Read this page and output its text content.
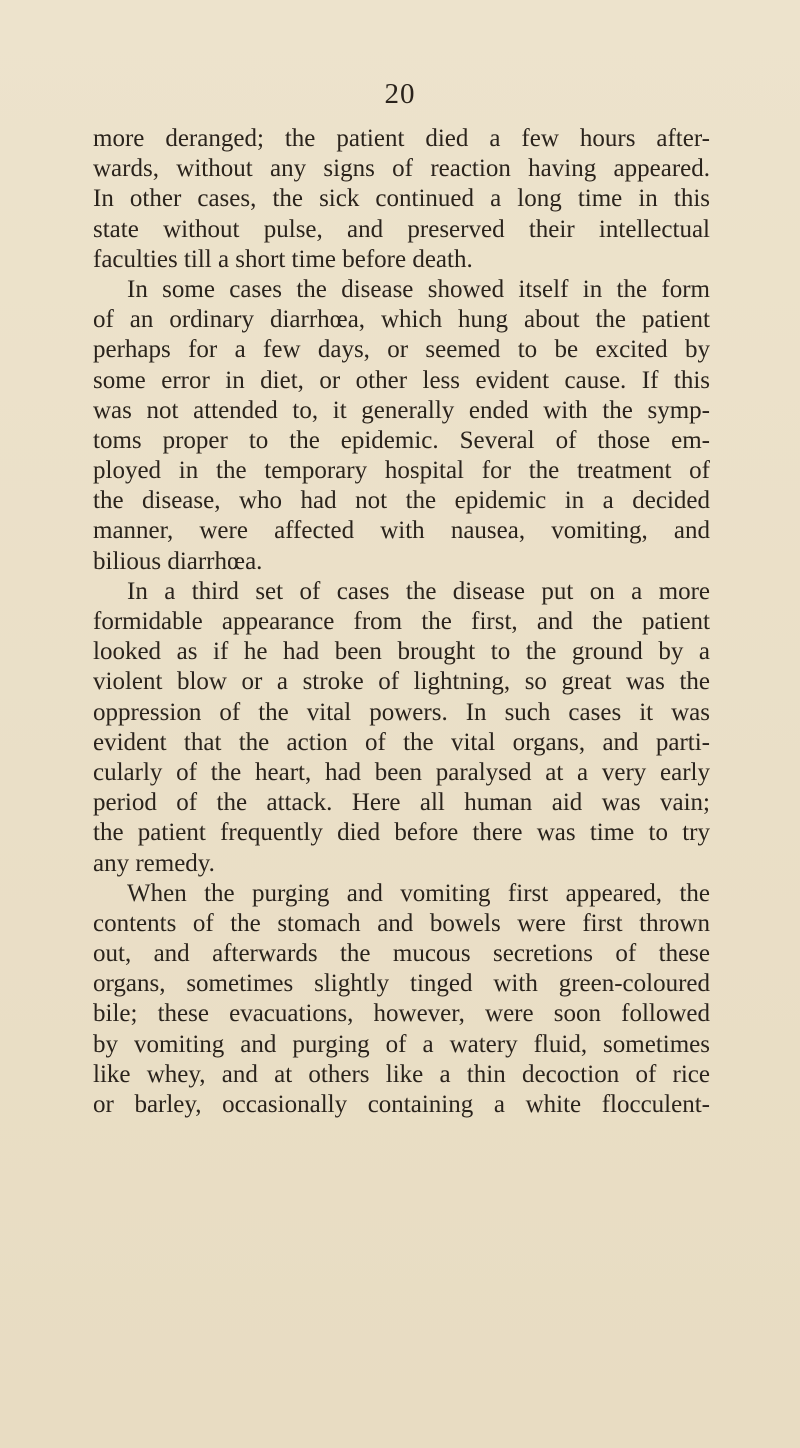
20
more deranged; the patient died a few hours after-
wards, without any signs of reaction having appeared.
In other cases, the sick continued a long time in this
state without pulse, and preserved their intellectual
faculties till a short time before death.
In some cases the disease showed itself in the form
of an ordinary diarrhœa, which hung about the patient
perhaps for a few days, or seemed to be excited by
some error in diet, or other less evident cause. If this
was not attended to, it generally ended with the symp-
toms proper to the epidemic. Several of those em-
ployed in the temporary hospital for the treatment of
the disease, who had not the epidemic in a decided
manner, were affected with nausea, vomiting, and
bilious diarrhœa.
In a third set of cases the disease put on a more
formidable appearance from the first, and the patient
looked as if he had been brought to the ground by a
violent blow or a stroke of lightning, so great was the
oppression of the vital powers. In such cases it was
evident that the action of the vital organs, and parti-
cularly of the heart, had been paralysed at a very early
period of the attack. Here all human aid was vain;
the patient frequently died before there was time to try
any remedy.
When the purging and vomiting first appeared, the
contents of the stomach and bowels were first thrown
out, and afterwards the mucous secretions of these
organs, sometimes slightly tinged with green-coloured
bile; these evacuations, however, were soon followed
by vomiting and purging of a watery fluid, sometimes
like whey, and at others like a thin decoction of rice
or barley, occasionally containing a white flocculent-
